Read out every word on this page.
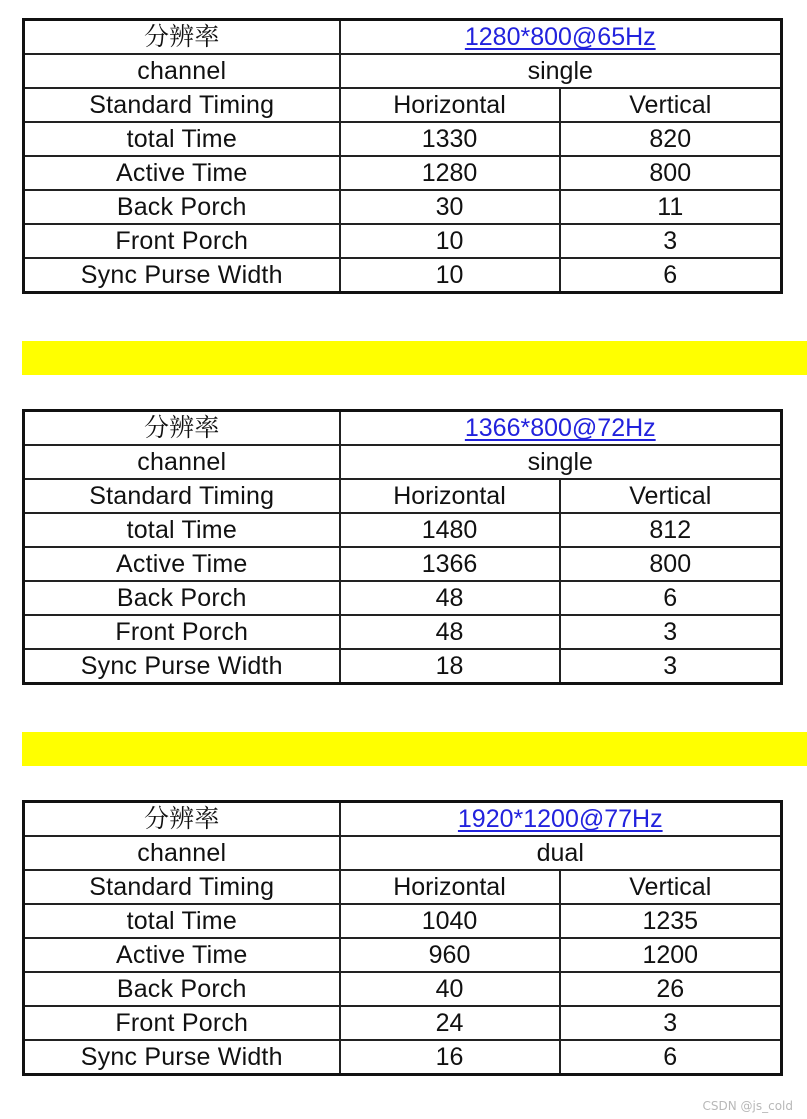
分辨率	1280*800@65Hz	
channel	single	
Standard Timing	Horizontal	Vertical
total Time	1330	820
Active Time	1280	800
Back Porch	30	11
Front Porch	10	3
Sync Purse Width	10	6
分辨率	1366*800@72Hz	
channel	single	
Standard Timing	Horizontal	Vertical
total Time	1480	812
Active Time	1366	800
Back Porch	48	6
Front Porch	48	3
Sync Purse Width	18	3
分辨率	1920*1200@77Hz	
channel	dual	
Standard Timing	Horizontal	Vertical
total Time	1040	1235
Active Time	960	1200
Back Porch	40	26
Front Porch	24	3
Sync Purse Width	16	6
CSDN @js_cold
